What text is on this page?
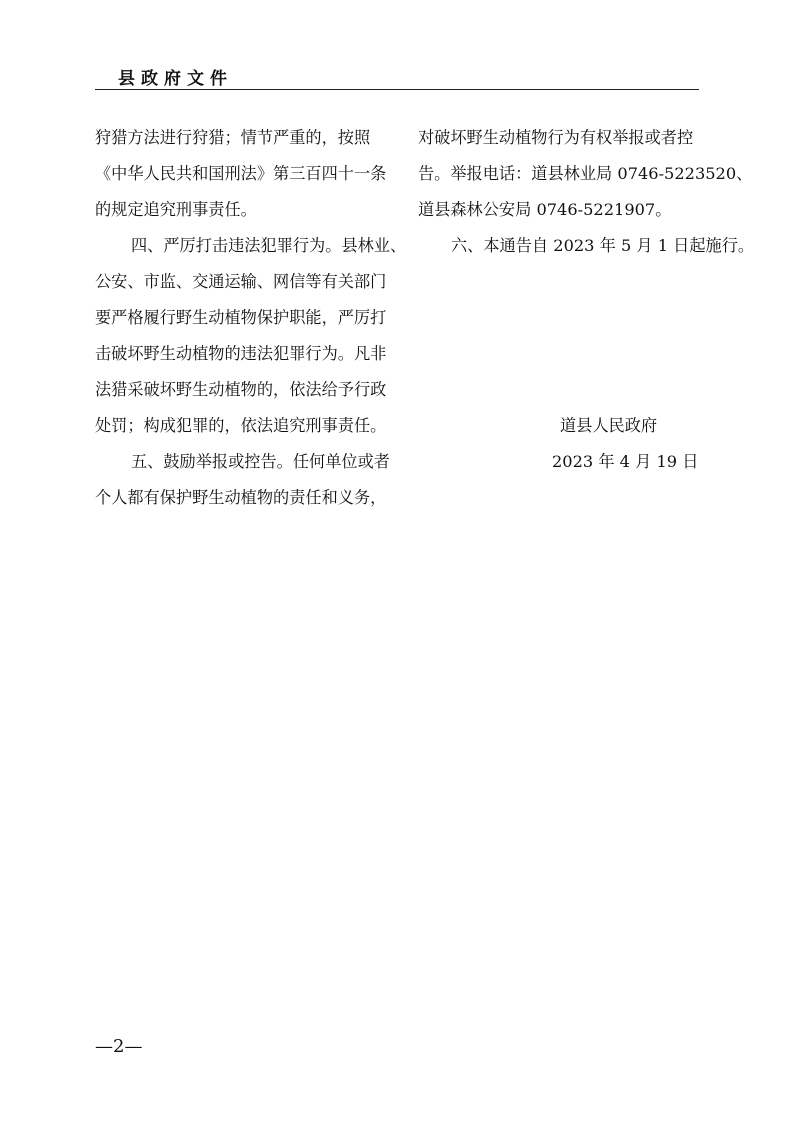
县政府文件
狩猎方法进行狩猎；情节严重的，按照
《中华人民共和国刑法》第三百四十一条
的规定追究刑事责任。
四、严厉打击违法犯罪行为。县林业、
公安、市监、交通运输、网信等有关部门
要严格履行野生动植物保护职能，严厉打
击破坏野生动植物的违法犯罪行为。凡非
法猎采破坏野生动植物的，依法给予行政
处罚；构成犯罪的，依法追究刑事责任。
五、鼓励举报或控告。任何单位或者
个人都有保护野生动植物的责任和义务，
对破坏野生动植物行为有权举报或者控
告。举报电话：道县林业局 0746-5223520、
道县森林公安局 0746-5221907。
六、本通告自 2023 年 5 月 1 日起施行。
道县人民政府
2023 年 4 月 19 日
—2—
